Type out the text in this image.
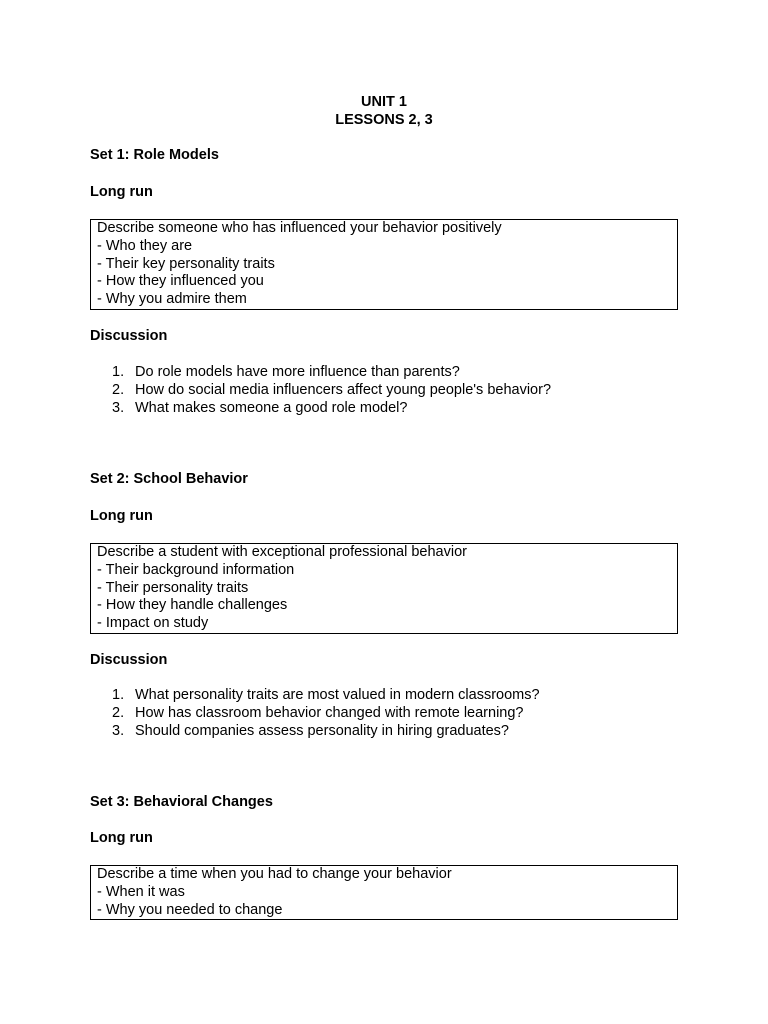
UNIT 1
LESSONS 2, 3
Set 1: Role Models
Long run
Describe someone who has influenced your behavior positively
- Who they are
- Their key personality traits
- How they influenced you
- Why you admire them
Discussion
1. Do role models have more influence than parents?
2. How do social media influencers affect young people's behavior?
3. What makes someone a good role model?
Set 2: School Behavior
Long run
Describe a student with exceptional professional behavior
- Their background information
- Their personality traits
- How they handle challenges
- Impact on study
Discussion
1. What personality traits are most valued in modern classrooms?
2. How has classroom behavior changed with remote learning?
3. Should companies assess personality in hiring graduates?
Set 3: Behavioral Changes
Long run
Describe a time when you had to change your behavior
- When it was
- Why you needed to change
